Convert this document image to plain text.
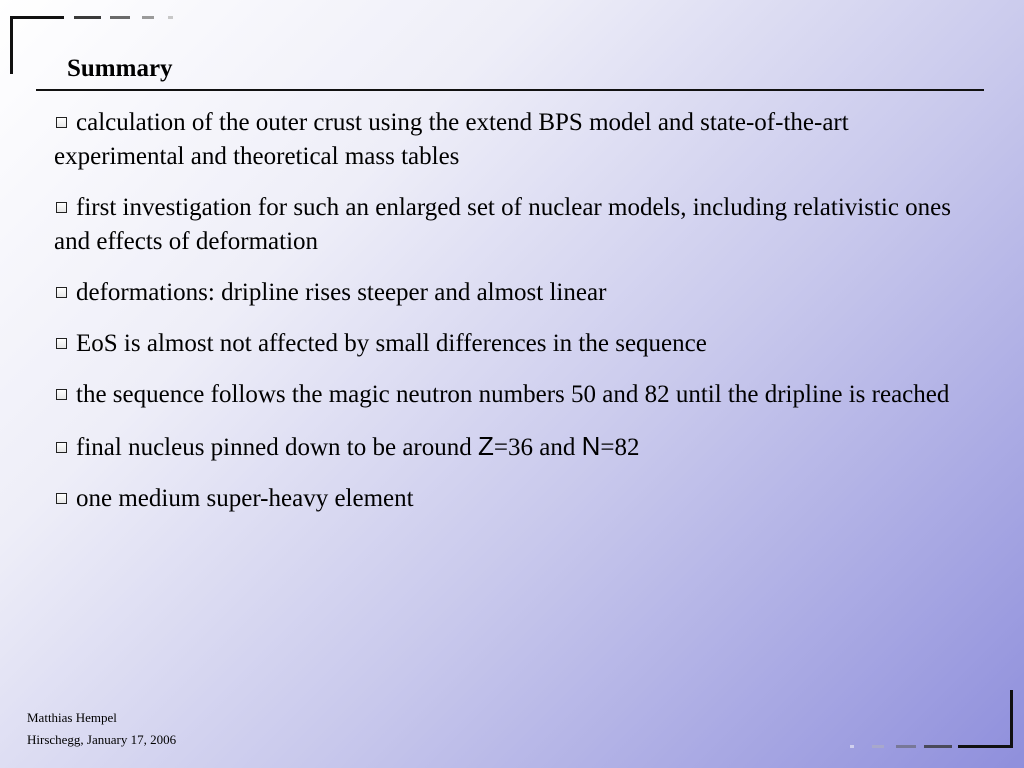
Summary
calculation of the outer crust using the extend BPS model and state-of-the-art experimental and theoretical mass tables
first investigation for such an enlarged set of nuclear models, including relativistic ones and effects of deformation
deformations: dripline rises steeper and almost linear
EoS is almost not affected by small differences in the sequence
the sequence follows the magic neutron numbers 50 and 82 until the dripline is reached
final nucleus pinned down to be around Z=36 and N=82
one medium super-heavy element
Matthias Hempel
Hirschegg, January 17, 2006
